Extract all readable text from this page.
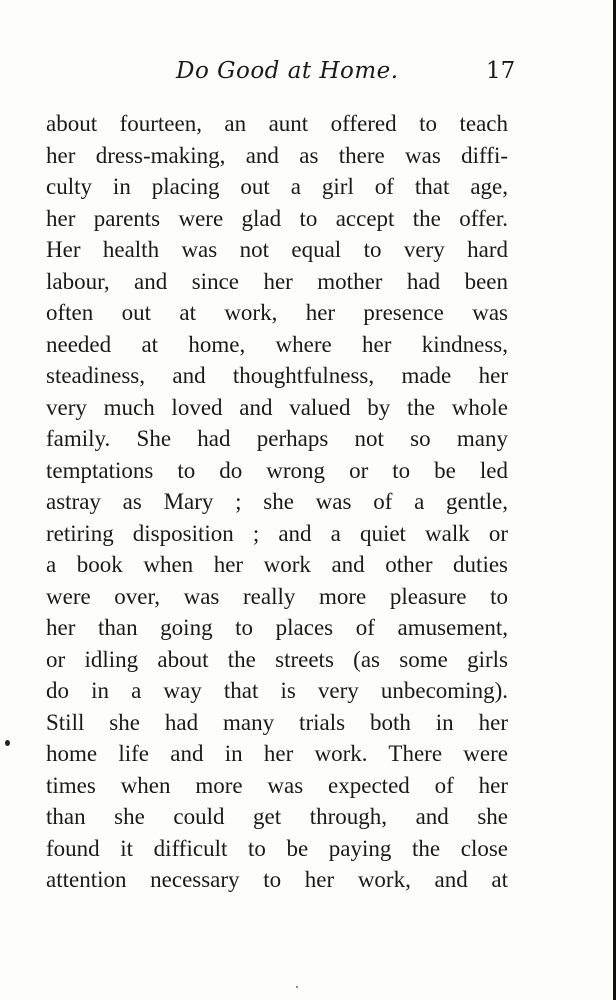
Do Good at Home.	17
about fourteen, an aunt offered to teach
her dress-making, and as there was diffi-
culty in placing out a girl of that age,
her parents were glad to accept the offer.
Her health was not equal to very hard
labour, and since her mother had been
often out at work, her presence was
needed at home, where her kindness,
steadiness, and thoughtfulness, made her
very much loved and valued by the whole
family. She had perhaps not so many
temptations to do wrong or to be led
astray as Mary ; she was of a gentle,
retiring disposition ; and a quiet walk or
a book when her work and other duties
were over, was really more pleasure to
her than going to places of amusement,
or idling about the streets (as some girls
do in a way that is very unbecoming).
Still she had many trials both in her
home life and in her work. There were
times when more was expected of her
than she could get through, and she
found it difficult to be paying the close
attention necessary to her work, and at
